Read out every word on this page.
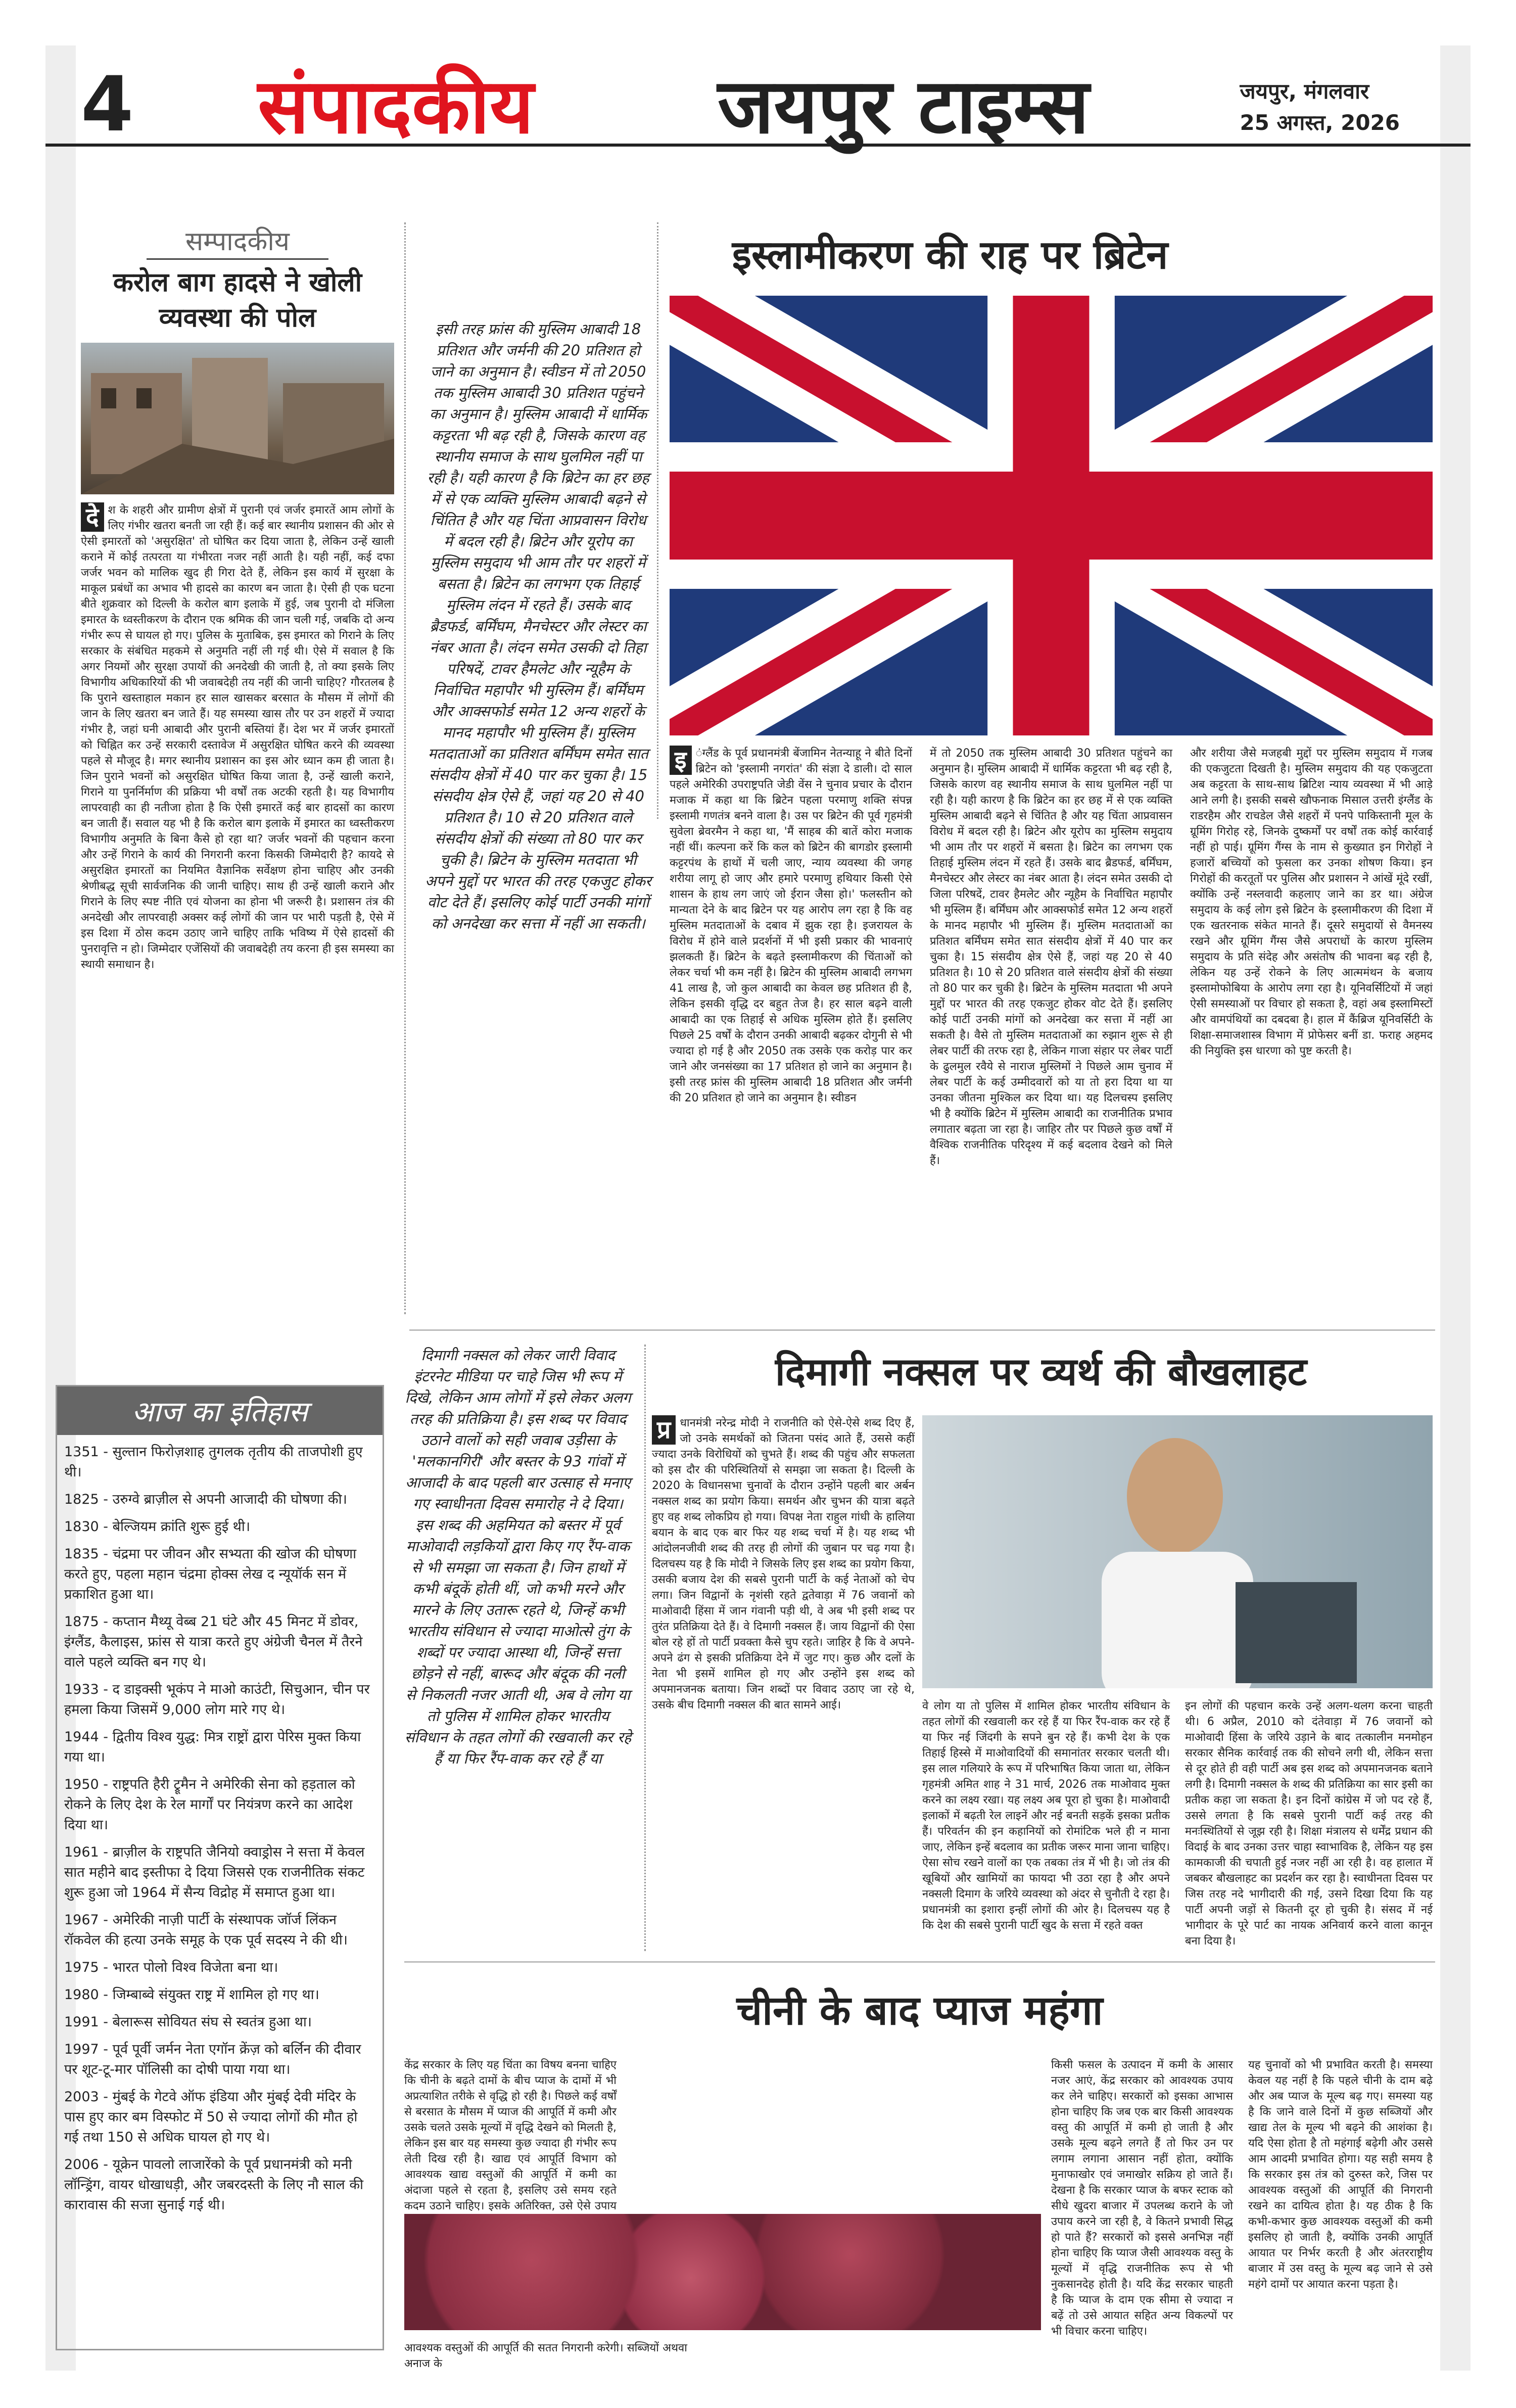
4 संपादकीय जयपुर टाइम्स	जयपुर, मंगलवार
25 अगस्त, 2026
सम्पादकीय
करोल बाग हादसे ने खोली व्यवस्था की पोल
दे श के शहरी और ग्रामीण क्षेत्रों में पुरानी एवं जर्जर इमारतें आम लोगों के लिए गंभीर खतरा बनती जा रही हैं। कई बार स्थानीय प्रशासन की ओर से ऐसी इमारतों को 'असुरक्षित' तो घोषित कर दिया जाता है, लेकिन उन्हें खाली कराने में कोई तत्परता या गंभीरता नजर नहीं आती है। यही नहीं, कई दफा जर्जर भवन को मालिक खुद ही गिरा देते हैं, लेकिन इस कार्य में सुरक्षा के माकूल प्रबंधों का अभाव भी हादसे का कारण बन जाता है। ऐसी ही एक घटना बीते शुक्रवार को दिल्ली के करोल बाग इलाके में हुई, जब पुरानी दो मंजिला इमारत के ध्वस्तीकरण के दौरान एक श्रमिक की जान चली गई, जबकि दो अन्य गंभीर रूप से घायल हो गए। पुलिस के मुताबिक, इस इमारत को गिराने के लिए सरकार के संबंधित महकमे से अनुमति नहीं ली गई थी। ऐसे में सवाल है कि अगर नियमों और सुरक्षा उपायों की अनदेखी की जाती है, तो क्या इसके लिए विभागीय अधिकारियों की भी जवाबदेही तय नहीं की जानी चाहिए? गौरतलब है कि पुराने खस्ताहाल मकान हर साल खासकर बरसात के मौसम में लोगों की जान के लिए खतरा बन जाते हैं। यह समस्या खास तौर पर उन शहरों में ज्यादा गंभीर है, जहां घनी आबादी और पुरानी बस्तियां हैं। देश भर में जर्जर इमारतों को चिह्नित कर उन्हें सरकारी दस्तावेज में असुरक्षित घोषित करने की व्यवस्था पहले से मौजूद है। मगर स्थानीय प्रशासन का इस ओर ध्यान कम ही जाता है। जिन पुराने भवनों को असुरक्षित घोषित किया जाता है, उन्हें खाली कराने, गिराने या पुनर्निर्माण की प्रक्रिया भी वर्षों तक अटकी रहती है। यह विभागीय लापरवाही का ही नतीजा होता है कि ऐसी इमारतें कई बार हादसों का कारण बन जाती हैं। सवाल यह भी है कि करोल बाग इलाके में इमारत का ध्वस्तीकरण विभागीय अनुमति के बिना कैसे हो रहा था? जर्जर भवनों की पहचान करना और उन्हें गिराने के कार्य की निगरानी करना किसकी जिम्मेदारी है? कायदे से असुरक्षित इमारतों का नियमित वैज्ञानिक सर्वेक्षण होना चाहिए और उनकी श्रेणीबद्ध सूची सार्वजनिक की जानी चाहिए। साथ ही उन्हें खाली कराने और गिराने के लिए स्पष्ट नीति एवं योजना का होना भी जरूरी है। प्रशासन तंत्र की अनदेखी और लापरवाही अक्सर कई लोगों की जान पर भारी पड़ती है, ऐसे में इस दिशा में ठोस कदम उठाए जाने चाहिए ताकि भविष्य में ऐसे हादसों की पुनरावृत्ति न हो। जिम्मेदार एजेंसियों की जवाबदेही तय करना ही इस समस्या का स्थायी समाधान है।
इसी तरह फ्रांस की मुस्लिम आबादी 18 प्रतिशत और जर्मनी की 20 प्रतिशत हो जाने का अनुमान है। स्वीडन में तो 2050 तक मुस्लिम आबादी 30 प्रतिशत पहुंचने का अनुमान है। मुस्लिम आबादी में धार्मिक कट्टरता भी बढ़ रही है, जिसके कारण वह स्थानीय समाज के साथ घुलमिल नहीं पा रही है। यही कारण है कि ब्रिटेन का हर छह में से एक व्यक्ति मुस्लिम आबादी बढ़ने से चिंतित है और यह चिंता आप्रवासन विरोध में बदल रही है। ब्रिटेन और यूरोप का मुस्लिम समुदाय भी आम तौर पर शहरों में बसता है। ब्रिटेन का लगभग एक तिहाई मुस्लिम लंदन में रहते हैं। उसके बाद ब्रैडफर्ड, बर्मिंघम, मैनचेस्टर और लेस्टर का नंबर आता है। लंदन समेत उसकी दो तिहा परिषदें, टावर हैमलेट और न्यूहैम के निर्वाचित महापौर भी मुस्लिम हैं। बर्मिंघम और आक्सफोर्ड समेत 12 अन्य शहरों के मानद महापौर भी मुस्लिम हैं। मुस्लिम मतदाताओं का प्रतिशत बर्मिंघम समेत सात संसदीय क्षेत्रों में 40 पार कर चुका है। 15 संसदीय क्षेत्र ऐसे हैं, जहां यह 20 से 40 प्रतिशत है। 10 से 20 प्रतिशत वाले संसदीय क्षेत्रों की संख्या तो 80 पार कर चुकी है। ब्रिटेन के मुस्लिम मतदाता भी अपने मुद्दों पर भारत की तरह एकजुट होकर वोट देते हैं। इसलिए कोई पार्टी उनकी मांगों को अनदेखा कर सत्ता में नहीं आ सकती।
इस्लामीकरण की राह पर ब्रिटेन
इ ंग्लैंड के पूर्व प्रधानमंत्री बेंजामिन नेतन्याहू ने बीते दिनों ब्रिटेन को 'इस्लामी नगरांत' की संज्ञा दे डाली। दो साल पहले अमेरिकी उपराष्ट्रपति जेडी वेंस ने चुनाव प्रचार के दौरान मजाक में कहा था कि ब्रिटेन पहला परमाणु शक्ति संपन्न इस्लामी गणतंत्र बनने वाला है। उस पर ब्रिटेन की पूर्व गृहमंत्री सुवेला ब्रेवरमैन ने कहा था, 'मैं साहब की बातें कोरा मजाक नहीं थीं। कल्पना करें कि कल को ब्रिटेन की बागडोर इस्लामी कट्टरपंथ के हाथों में चली जाए, न्याय व्यवस्था की जगह शरीया लागू हो जाए और हमारे परमाणु हथियार किसी ऐसे शासन के हाथ लग जाएं जो ईरान जैसा हो।' फलस्तीन को मान्यता देने के बाद ब्रिटेन पर यह आरोप लग रहा है कि वह मुस्लिम मतदाताओं के दबाव में झुक रहा है। इजरायल के विरोध में होने वाले प्रदर्शनों में भी इसी प्रकार की भावनाएं झलकती हैं। ब्रिटेन के बढ़ते इस्लामीकरण की चिंताओं को लेकर चर्चा भी कम नहीं है। ब्रिटेन की मुस्लिम आबादी लगभग 41 लाख है, जो कुल आबादी का केवल छह प्रतिशत ही है, लेकिन इसकी वृद्धि दर बहुत तेज है। हर साल बढ़ने वाली आबादी का एक तिहाई से अधिक मुस्लिम होते हैं। इसलिए पिछले 25 वर्षों के दौरान उनकी आबादी बढ़कर दोगुनी से भी ज्यादा हो गई है और 2050 तक उसके एक करोड़ पार कर जाने और जनसंख्या का 17 प्रतिशत हो जाने का अनुमान है। इसी तरह फ्रांस की मुस्लिम आबादी 18 प्रतिशत और जर्मनी की 20 प्रतिशत हो जाने का अनुमान है। स्वीडन
में तो 2050 तक मुस्लिम आबादी 30 प्रतिशत पहुंचने का अनुमान है। मुस्लिम आबादी में धार्मिक कट्टरता भी बढ़ रही है, जिसके कारण वह स्थानीय समाज के साथ घुलमिल नहीं पा रही है। यही कारण है कि ब्रिटेन का हर छह में से एक व्यक्ति मुस्लिम आबादी बढ़ने से चिंतित है और यह चिंता आप्रवासन विरोध में बदल रही है। ब्रिटेन और यूरोप का मुस्लिम समुदाय भी आम तौर पर शहरों में बसता है। ब्रिटेन का लगभग एक तिहाई मुस्लिम लंदन में रहते हैं। उसके बाद ब्रैडफर्ड, बर्मिंघम, मैनचेस्टर और लेस्टर का नंबर आता है। लंदन समेत उसकी दो जिला परिषदें, टावर हैमलेट और न्यूहैम के निर्वाचित महापौर भी मुस्लिम हैं। बर्मिंघम और आक्सफोर्ड समेत 12 अन्य शहरों के मानद महापौर भी मुस्लिम हैं। मुस्लिम मतदाताओं का प्रतिशत बर्मिंघम समेत सात संसदीय क्षेत्रों में 40 पार कर चुका है। 15 संसदीय क्षेत्र ऐसे हैं, जहां यह 20 से 40 प्रतिशत है। 10 से 20 प्रतिशत वाले संसदीय क्षेत्रों की संख्या तो 80 पार कर चुकी है। ब्रिटेन के मुस्लिम मतदाता भी अपने मुद्दों पर भारत की तरह एकजुट होकर वोट देते हैं। इसलिए कोई पार्टी उनकी मांगों को अनदेखा कर सत्ता में नहीं आ सकती है। वैसे तो मुस्लिम मतदाताओं का रुझान शुरू से ही लेबर पार्टी की तरफ रहा है, लेकिन गाजा संहार पर लेबर पार्टी के ढुलमुल रवैये से नाराज मुस्लिमों ने पिछले आम चुनाव में लेबर पार्टी के कई उम्मीदवारों को या तो हरा दिया था या उनका जीतना मुश्किल कर दिया था। यह दिलचस्प इसलिए भी है क्योंकि ब्रिटेन में मुस्लिम आबादी का राजनीतिक प्रभाव लगातार बढ़ता जा रहा है। जाहिर तौर पर पिछले कुछ वर्षों में वैश्विक राजनीतिक परिदृश्य में कई बदलाव देखने को मिले हैं।
और शरीया जैसे मजहबी मुद्दों पर मुस्लिम समुदाय में गजब की एकजुटता दिखती है। मुस्लिम समुदाय की यह एकजुटता अब कट्टरता के साथ-साथ ब्रिटिश न्याय व्यवस्था में भी आड़े आने लगी है। इसकी सबसे खौफनाक मिसाल उत्तरी इंग्लैंड के राडरहैम और राचडेल जैसे शहरों में पनपे पाकिस्तानी मूल के ग्रूमिंग गिरोह रहे, जिनके दुष्कर्मों पर वर्षों तक कोई कार्रवाई नहीं हो पाई। ग्रूमिंग गैंग्स के नाम से कुख्यात इन गिरोहों ने हजारों बच्चियों को फुसला कर उनका शोषण किया। इन गिरोहों की करतूतों पर पुलिस और प्रशासन ने आंखें मूंदे रखीं, क्योंकि उन्हें नस्लवादी कहलाए जाने का डर था। अंग्रेज समुदाय के कई लोग इसे ब्रिटेन के इस्लामीकरण की दिशा में एक खतरनाक संकेत मानते हैं। दूसरे समुदायों से वैमनस्य रखने और ग्रूमिंग गैंग्स जैसे अपराधों के कारण मुस्लिम समुदाय के प्रति संदेह और असंतोष की भावना बढ़ रही है, लेकिन यह उन्हें रोकने के लिए आत्ममंथन के बजाय इस्लामोफोबिया के आरोप लगा रहा है। यूनिवर्सिटियों में जहां ऐसी समस्याओं पर विचार हो सकता है, वहां अब इस्लामिस्टों और वामपंथियों का दबदबा है। हाल में कैंब्रिज यूनिवर्सिटी के शिक्षा-समाजशास्त्र विभाग में प्रोफेसर बनीं डा. फराह अहमद की नियुक्ति इस धारणा को पुष्ट करती है।
आज का इतिहास
1351 - सुल्तान फिरोज़शाह तुगलक तृतीय की ताजपोशी हुए थी।
1825 - उरुग्वे ब्राज़ील से अपनी आजादी की घोषणा की।
1830 - बेल्जियम क्रांति शुरू हुई थी।
1835 - चंद्रमा पर जीवन और सभ्यता की खोज की घोषणा करते हुए, पहला महान चंद्रमा होक्स लेख द न्यूयॉर्क सन में प्रकाशित हुआ था।
1875 - कप्तान मैथ्यू वेब्ब 21 घंटे और 45 मिनट में डोवर, इंग्लैंड, कैलाइस, फ्रांस से यात्रा करते हुए अंग्रेजी चैनल में तैरने वाले पहले व्यक्ति बन गए थे।
1933 - द डाइक्सी भूकंप ने माओ काउंटी, सिचुआन, चीन पर हमला किया जिसमें 9,000 लोग मारे गए थे।
1944 - द्वितीय विश्व युद्ध: मित्र राष्ट्रों द्वारा पेरिस मुक्त किया गया था।
1950 - राष्ट्रपति हैरी ट्रूमैन ने अमेरिकी सेना को हड़ताल को रोकने के लिए देश के रेल मार्गों पर नियंत्रण करने का आदेश दिया था।
1961 - ब्राज़ील के राष्ट्रपति जैनियो क्वाड्रोस ने सत्ता में केवल सात महीने बाद इस्तीफा दे दिया जिससे एक राजनीतिक संकट शुरू हुआ जो 1964 में सैन्य विद्रोह में समाप्त हुआ था।
1967 - अमेरिकी नाज़ी पार्टी के संस्थापक जॉर्ज लिंकन रॉकवेल की हत्या उनके समूह के एक पूर्व सदस्य ने की थी।
1975 - भारत पोलो विश्व विजेता बना था।
1980 - जिम्बाब्वे संयुक्त राष्ट्र में शामिल हो गए था।
1991 - बेलारूस सोवियत संघ से स्वतंत्र हुआ था।
1997 - पूर्व पूर्वी जर्मन नेता एगॉन क्रेंज़ को बर्लिन की दीवार पर शूट-टू-मार पॉलिसी का दोषी पाया गया था।
2003 - मुंबई के गेटवे ऑफ इंडिया और मुंबई देवी मंदिर के पास हुए कार बम विस्फोट में 50 से ज्यादा लोगों की मौत हो गई तथा 150 से अधिक घायल हो गए थे।
2006 - यूक्रेन पावलो लाजारेंको के पूर्व प्रधानमंत्री को मनी लॉन्ड्रिंग, वायर धोखाधड़ी, और जबरदस्ती के लिए नौ साल की कारावास की सजा सुनाई गई थी।
दिमागी नक्सल को लेकर जारी विवाद इंटरनेट मीडिया पर चाहे जिस भी रूप में दिखे, लेकिन आम लोगों में इसे लेकर अलग तरह की प्रतिक्रिया है। इस शब्द पर विवाद उठाने वालों को सही जवाब उड़ीसा के 'मलकानगिरी' और बस्तर के 93 गांवों में आजादी के बाद पहली बार उत्साह से मनाए गए स्वाधीनता दिवस समारोह ने दे दिया। इस शब्द की अहमियत को बस्तर में पूर्व माओवादी लड़कियों द्वारा किए गए रैंप-वाक से भी समझा जा सकता है। जिन हाथों में कभी बंदूकें होती थीं, जो कभी मरने और मारने के लिए उतारू रहते थे, जिन्हें कभी भारतीय संविधान से ज्यादा माओत्से तुंग के शब्दों पर ज्यादा आस्था थी, जिन्हें सत्ता छोड़ने से नहीं, बारूद और बंदूक की नली से निकलती नजर आती थी, अब वे लोग या तो पुलिस में शामिल होकर भारतीय संविधान के तहत लोगों की रखवाली कर रहे हैं या फिर रैंप-वाक कर रहे हैं या
दिमागी नक्सल पर व्यर्थ की बौखलाहट
प्र धानमंत्री नरेन्द्र मोदी ने राजनीति को ऐसे-ऐसे शब्द दिए हैं, जो उनके समर्थकों को जितना पसंद आते हैं, उससे कहीं ज्यादा उनके विरोधियों को चुभते हैं। शब्द की पहुंच और सफलता को इस दौर की परिस्थितियों से समझा जा सकता है। दिल्ली के 2020 के विधानसभा चुनावों के दौरान उन्होंने पहली बार अर्बन नक्सल शब्द का प्रयोग किया। समर्थन और चुभन की यात्रा बढ़ते हुए वह शब्द लोकप्रिय हो गया। विपक्ष नेता राहुल गांधी के हालिया बयान के बाद एक बार फिर यह शब्द चर्चा में है। यह शब्द भी आंदोलनजीवी शब्द की तरह ही लोगों की जुबान पर चढ़ गया है। दिलचस्प यह है कि मोदी ने जिसके लिए इस शब्द का प्रयोग किया, उसकी बजाय देश की सबसे पुरानी पार्टी के कई नेताओं को चेप लगा। जिन विद्वानों के नृशंसी रहते द्वतेवाड़ा में 76 जवानों को माओवादी हिंसा में जान गंवानी पड़ी थी, वे अब भी इसी शब्द पर तुरंत प्रतिक्रिया देते हैं। वे दिमागी नक्सल हैं। जाय विद्वानों की ऐसा बोल रहे हों तो पार्टी प्रवक्ता कैसे चुप रहते। जाहिर है कि वे अपने-अपने ढंग से इसकी प्रतिक्रिया देने में जुट गए। कुछ और दलों के नेता भी इसमें शामिल हो गए और उन्होंने इस शब्द को अपमानजनक बताया। जिन शब्दों पर विवाद उठाए जा रहे थे, उसके बीच दिमागी नक्सल की बात सामने आई।	वे लोग या तो पुलिस में शामिल होकर भारतीय संविधान के तहत लोगों की रखवाली कर रहे हैं या फिर रैंप-वाक कर रहे हैं या फिर नई जिंदगी के सपने बुन रहे हैं। कभी देश के एक तिहाई हिस्से में माओवादियों की समानांतर सरकार चलती थी। इस लाल गलियारे के रूप में परिभाषित किया जाता था, लेकिन गृहमंत्री अमित शाह ने 31 मार्च, 2026 तक माओवाद मुक्त करने का लक्ष्य रखा। यह लक्ष्य अब पूरा हो चुका है। माओवादी इलाकों में बढ़ती रेल लाइनें और नई बनती सड़कें इसका प्रतीक हैं। परिवर्तन की इन कहानियों को रोमांटिक भले ही न माना जाए, लेकिन इन्हें बदलाव का प्रतीक जरूर माना जाना चाहिए। ऐसा सोच रखने वालों का एक तबका तंत्र में भी है। जो तंत्र की खूबियों और खामियों का फायदा भी उठा रहा है और अपने नक्सली दिमाग के जरिये व्यवस्था को अंदर से चुनौती दे रहा है। प्रधानमंत्री का इशारा इन्हीं लोगों की ओर है। दिलचस्प यह है कि देश की सबसे पुरानी पार्टी खुद के सत्ता में रहते वक्त
इन लोगों की पहचान करके उन्हें अलग-थलग करना चाहती थी। 6 अप्रैल, 2010 को दंतेवाड़ा में 76 जवानों को माओवादी हिंसा के जरिये उड़ाने के बाद तत्कालीन मनमोहन सरकार सैनिक कार्रवाई तक की सोचने लगी थी, लेकिन सत्ता से दूर होते ही वही पार्टी अब इस शब्द को अपमानजनक बताने लगी है। दिमागी नक्सल के शब्द की प्रतिक्रिया का सार इसी का प्रतीक कहा जा सकता है। इन दिनों कांग्रेस में जो पद रहे हैं, उससे लगता है कि सबसे पुरानी पार्टी कई तरह की मनःस्थितियों से जूझ रही है। शिक्षा मंत्रालय से धर्मेंद्र प्रधान की विदाई के बाद उनका उत्तर चाहा स्वाभाविक है, लेकिन यह इस कामकाजी की चपाती हुई नजर नहीं आ रही है। वह हालात में जबकर बौखलाहट का प्रदर्शन कर रहा है। स्वाधीनता दिवस पर जिस तरह नदे भागीदारी की गई, उसने दिखा दिया कि यह पार्टी अपनी जड़ों से कितनी दूर हो चुकी है। संसद में नई भागीदार के पूरे पार्ट का नायक अनिवार्य करने वाला कानून बना दिया है।
चीनी के बाद प्याज महंगा
केंद्र सरकार के लिए यह चिंता का विषय बनना चाहिए कि चीनी के बढ़ते दामों के बीच प्याज के दामों में भी अप्रत्याशित तरीके से वृद्धि हो रही है। पिछले कई वर्षों से बरसात के मौसम में प्याज की आपूर्ति में कमी और उसके चलते उसके मूल्यों में वृद्धि देखने को मिलती है, लेकिन इस बार यह समस्या कुछ ज्यादा ही गंभीर रूप लेती दिख रही है। खाद्य एवं आपूर्ति विभाग को आवश्यक खाद्य वस्तुओं की आपूर्ति में कमी का अंदाजा पहले से रहता है, इसलिए उसे समय रहते कदम उठाने चाहिए। इसके अतिरिक्त, उसे ऐसे उपाय
आवश्यक वस्तुओं की आपूर्ति की सतत निगरानी करेगी। सब्जियों अथवा अनाज के
किसी फसल के उत्पादन में कमी के आसार नजर आएं, केंद्र सरकार को आवश्यक उपाय कर लेने चाहिए। सरकारों को इसका आभास होना चाहिए कि जब एक बार किसी आवश्यक वस्तु की आपूर्ति में कमी हो जाती है और उसके मूल्य बढ़ने लगते हैं तो फिर उन पर लगाम लगाना आसान नहीं होता, क्योंकि मुनाफाखोर एवं जमाखोर सक्रिय हो जाते हैं। देखना है कि सरकार प्याज के बफर स्टाक को सीधे खुदरा बाजार में उपलब्ध कराने के जो उपाय करने जा रही है, वे कितने प्रभावी सिद्ध हो पाते हैं? सरकारों को इससे अनभिज्ञ नहीं होना चाहिए कि प्याज जैसी आवश्यक वस्तु के मूल्यों में वृद्धि राजनीतिक रूप से भी नुकसानदेह होती है। यदि केंद्र सरकार चाहती है कि प्याज के दाम एक सीमा से ज्यादा न बढ़ें तो उसे आयात सहित अन्य विकल्पों पर भी विचार करना चाहिए।
यह चुनावों को भी प्रभावित करती है। समस्या केवल यह नहीं है कि पहले चीनी के दाम बढ़े और अब प्याज के मूल्य बढ़ गए। समस्या यह है कि जाने वाले दिनों में कुछ सब्जियों और खाद्य तेल के मूल्य भी बढ़ने की आशंका है। यदि ऐसा होता है तो महंगाई बढ़ेगी और उससे आम आदमी प्रभावित होगा। यह सही समय है कि सरकार इस तंत्र को दुरुस्त करे, जिस पर आवश्यक वस्तुओं की आपूर्ति की निगरानी रखने का दायित्व होता है। यह ठीक है कि कभी-कभार कुछ आवश्यक वस्तुओं की कमी इसलिए हो जाती है, क्योंकि उनकी आपूर्ति आयात पर निर्भर करती है और अंतरराष्ट्रीय बाजार में उस वस्तु के मूल्य बढ़ जाने से उसे महंगे दामों पर आयात करना पड़ता है।
